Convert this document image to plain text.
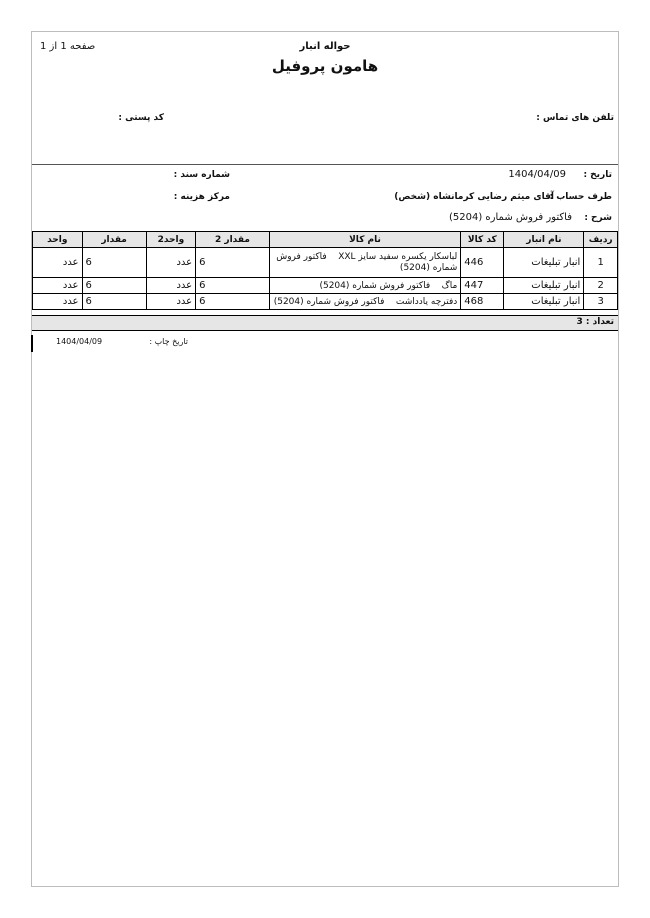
صفحه 1 از 1	حواله انبار
هامون پروفیل
تلفن های تماس :
کد پستی :
تاریخ :
1404/04/09
شماره سند :
طرف حساب :
آقای میثم رضایی کرمانشاه (شخص)
مرکز هزینه :
شرح :
فاکتور فروش شماره (5204)
ردیف	نام انبار	کد کالا	نام کالا	مقدار 2	واحد2	مقدار	واحد
1	انبار تبلیغات	446	لباسکار یکسره سفید سایز XXL    فاکتور فروش شماره (5204)	6	عدد	6	عدد
2	انبار تبلیغات	447	ماگ    فاکتور فروش شماره (5204)	6	عدد	6	عدد
3	انبار تبلیغات	468	دفترچه یادداشت    فاکتور فروش شماره (5204)	6	عدد	6	عدد
تعداد : 3
تاریخ چاپ :
1404/04/09
